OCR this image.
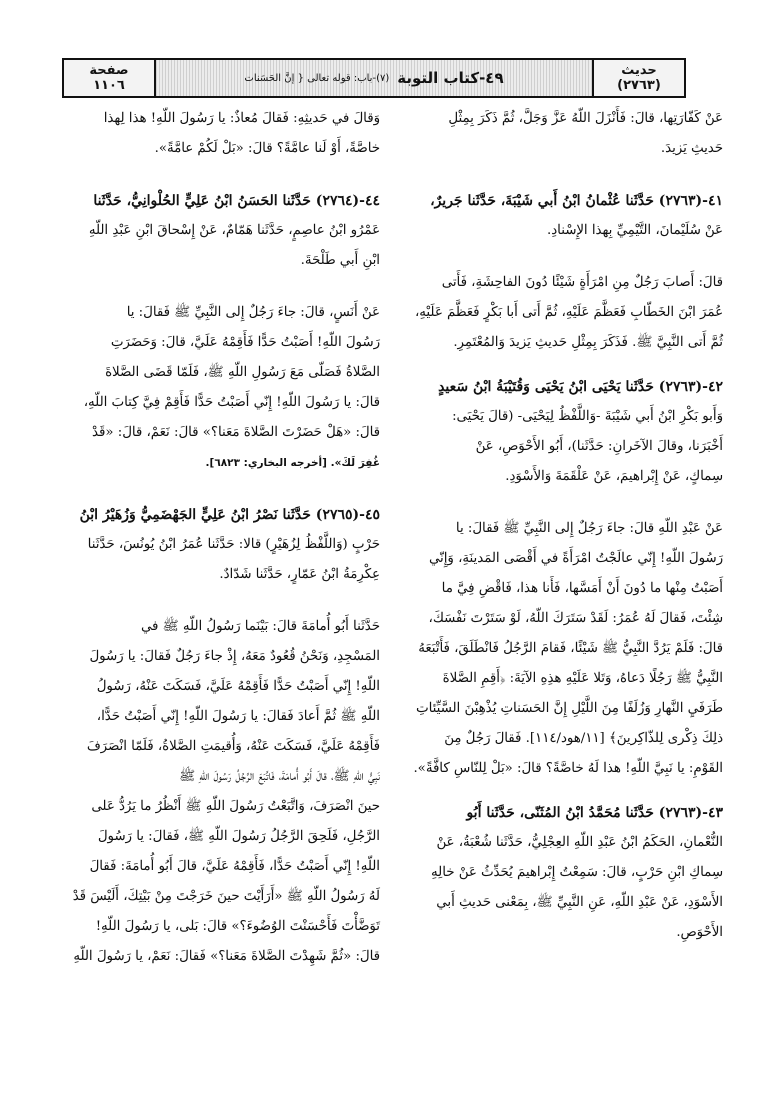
حديث
(٢٧٦٣)
٤٩-كتاب التوبة
(٧)-باب: قوله تعالى { إنَّ الحَسَنات
صفحة
١١٠٦

عَنْ كَفّارَتِها، قالَ: فَأَنْزَلَ اللّهُ عَزَّ وَجَلَّ، ثُمَّ ذَكَرَ بِمِثْلِ

حَديثِ يَزيدَ.

٤١-(٢٧٦٣) حَدَّثَنا عُثْمانُ ابْنُ أَبي شَيْبَةَ، حَدَّثَنا جَريرٌ،

عَنْ سُلَيْمانَ، التَّيْمِيِّ بِهذا الإِسْنادِ.

قالَ: أَصابَ رَجُلٌ مِنِ امْرَأَةٍ شَيْئًا دُونَ الفاحِشَةِ، فَأَتى

عُمَرَ ابْنَ الخَطّابِ فَعَظَّمَ عَلَيْهِ، ثُمَّ أَتى أَبا بَكْرٍ فَعَظَّمَ عَلَيْهِ،

ثُمَّ أَتى النَّبِيَّ ﷺ. فَذَكَرَ بِمِثْلِ حَديثِ يَزيدَ وَالمُعْتَمِرِ.

٤٢-(٢٧٦٣) حَدَّثَنا يَحْيَى ابْنُ يَحْيَى وَقُتَيْبَةُ ابْنُ سَعيدٍ

وَأَبو بَكْرِ ابْنُ أَبي شَيْبَةَ -وَاللَّفْظُ لِيَحْيَى- (قالَ يَحْيَى:

أَخْبَرَنا، وقالَ الآخَرانِ: حَدَّثَنا)، أَبُو الأَحْوَصِ، عَنْ

سِماكٍ، عَنْ إِبْراهيمَ، عَنْ عَلْقَمَةَ وَالأَسْوَدِ.

عَنْ عَبْدِ اللّهِ قالَ: جاءَ رَجُلٌ إِلى النَّبِيِّ ﷺ فَقالَ: يا

رَسُولَ اللّهِ! إِنّي عالَجْتُ امْرَأَةً في أَقْصَى المَدينَةِ، وَإِنّي

أَصَبْتُ مِنْها ما دُونَ أَنْ أَمَسَّها، فَأَنا هذا، فَاقْضِ فِيَّ ما

شِئْتَ، فَقالَ لَهُ عُمَرُ: لَقَدْ سَتَرَكَ اللّهُ، لَوْ سَتَرْتَ نَفْسَكَ،

قالَ: فَلَمْ يَرُدَّ النَّبِيُّ ﷺ شَيْئًا، فَقامَ الرَّجُلُ فَانْطَلَقَ، فَأَتْبَعَهُ

النَّبِيُّ ﷺ رَجُلًا دَعاهُ، وَتَلا عَلَيْهِ هذِهِ الآيَةَ: ﴿أَقِمِ الصَّلاةَ

طَرَفَيِ النَّهارِ وَزُلَفًا مِنَ اللَّيْلِ إِنَّ الحَسَناتِ يُذْهِبْنَ السَّيِّئاتِ

ذلِكَ ذِكْرى لِلذّاكِرينَ﴾ [١١/هود/١١٤]. فَقالَ رَجُلٌ مِنَ

القَوْمِ: يا نَبِيَّ اللّهِ! هذا لَهُ خاصَّةً؟ قالَ: «بَلْ لِلنّاسِ كافَّةً».

٤٣-(٢٧٦٣) حَدَّثَنا مُحَمَّدُ ابْنُ المُثَنّى، حَدَّثَنا أَبُو

النُّعْمانِ، الحَكَمُ ابْنُ عَبْدِ اللّهِ العِجْلِيُّ، حَدَّثَنا شُعْبَةُ، عَنْ

سِماكِ ابْنِ حَرْبٍ، قالَ: سَمِعْتُ إِبْراهيمَ يُحَدِّثُ عَنْ خالِهِ

الأَسْوَدِ، عَنْ عَبْدِ اللّهِ، عَنِ النَّبِيِّ ﷺ، بِمَعْنى حَديثِ أَبي

الأَحْوَصِ.

وَقالَ في حَديثِهِ: فَقالَ مُعاذٌ: يا رَسُولَ اللّهِ! هذا لِهذا

خاصَّةً، أَوْ لَنا عامَّةً؟ قالَ: «بَلْ لَكُمْ عامَّةً».

٤٤-(٢٧٦٤) حَدَّثَنا الحَسَنُ ابْنُ عَلِيٍّ الحُلْوانِيُّ، حَدَّثَنا

عَمْرُو ابْنُ عاصِمٍ، حَدَّثَنا هَمّامٌ، عَنْ إِسْحاقَ ابْنِ عَبْدِ اللّهِ

ابْنِ أَبي طَلْحَةَ.

عَنْ أَنَسٍ، قالَ: جاءَ رَجُلٌ إِلى النَّبِيِّ ﷺ فَقالَ: يا

رَسُولَ اللّهِ! أَصَبْتُ حَدًّا فَأَقِمْهُ عَلَيَّ، قالَ: وَحَضَرَتِ

الصَّلاةُ فَصَلّى مَعَ رَسُولِ اللّهِ ﷺ، فَلَمّا قَضَى الصَّلاةَ

قالَ: يا رَسُولَ اللّهِ! إِنّي أَصَبْتُ حَدًّا فَأَقِمْ فِيَّ كِتابَ اللّهِ،

قالَ: «هَلْ حَضَرْتَ الصَّلاةَ مَعَنا؟» قالَ: نَعَمْ، قالَ: «قَدْ

غُفِرَ لَكَ». [أخرجه البخاري: ٦٨٢٣].

٤٥-(٢٧٦٥) حَدَّثَنا نَصْرُ ابْنُ عَلِيٍّ الجَهْضَمِيُّ وَزُهَيْرُ ابْنُ

حَرْبٍ (وَاللَّفْظُ لِزُهَيْرٍ) قالا: حَدَّثَنا عُمَرُ ابْنُ يُونُسَ، حَدَّثَنا

عِكْرِمَةُ ابْنُ عَمّارٍ، حَدَّثَنا شَدّادٌ.

حَدَّثَنا أَبُو أُمامَةَ قالَ: بَيْنَما رَسُولُ اللّهِ ﷺ في

المَسْجِدِ، وَنَحْنُ قُعُودٌ مَعَهُ، إِذْ جاءَ رَجُلٌ فَقالَ: يا رَسُولَ

اللّهِ! إِنّي أَصَبْتُ حَدًّا فَأَقِمْهُ عَلَيَّ، فَسَكَتَ عَنْهُ، رَسُولُ

اللّهِ ﷺ ثُمَّ أَعادَ فَقالَ: يا رَسُولَ اللّهِ! إِنّي أَصَبْتُ حَدًّا،

فَأَقِمْهُ عَلَيَّ، فَسَكَتَ عَنْهُ، وَأُقيمَتِ الصَّلاةُ، فَلَمّا انْصَرَفَ

نَبِيُّ اللّهِ ﷺ، قالَ أَبُو أُمامَةَ، فَاتَّبَعَ الرَّجُلُ رَسُولَ اللّهِ ﷺ

حينَ انْصَرَفَ، وَاتَّبَعْتُ رَسُولَ اللّهِ ﷺ أَنْظُرُ ما يَرُدُّ عَلى

الرَّجُلِ، فَلَحِقَ الرَّجُلُ رَسُولَ اللّهِ ﷺ، فَقالَ: يا رَسُولَ

اللّهِ! إِنّي أَصَبْتُ حَدًّا، فَأَقِمْهُ عَلَيَّ، قالَ أَبُو أُمامَةَ: فَقالَ

لَهُ رَسُولُ اللّهِ ﷺ «أَرَأَيْتَ حينَ خَرَجْتَ مِنْ بَيْتِكَ، أَلَيْسَ قَدْ

تَوَضَّأْتَ فَأَحْسَنْتَ الوُضُوءَ؟» قالَ: بَلى، يا رَسُولَ اللّهِ!

قالَ: «ثُمَّ شَهِدْتَ الصَّلاةَ مَعَنا؟» فَقالَ: نَعَمْ، يا رَسُولَ اللّهِ
